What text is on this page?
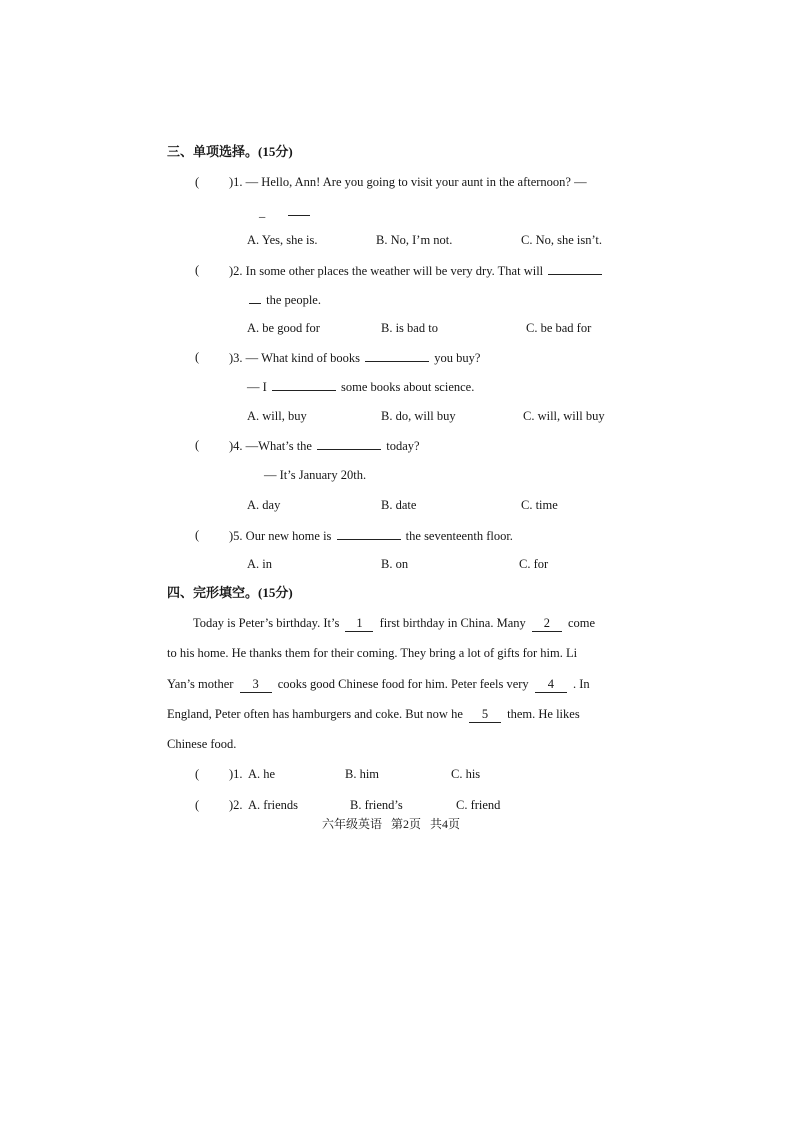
三、单项选择。(15分)
( )1. — Hello, Ann! Are you going to visit your aunt in the afternoon? —
_
A. Yes, she is.	B. No, I’m not.	C. No, she isn’t.
( )2. In some other places the weather will be very dry. That will
the people.
A. be good for	B. is bad to	C. be bad for
( )3. — What kind of books	you buy?
— I	some books about science.
A. will, buy	B. do, will buy	C. will, will buy
( )4. —What’s the	today?
— It’s January 20th.
A. day	B. date	C. time
( )5. Our new home is	the seventeenth floor.
A. in	B. on	C. for
四、完形填空。(15分)
Today is Peter’s birthday. It’s 1 first birthday in China. Many 2 come
to his home. He thanks them for their coming. They bring a lot of gifts for him. Li
Yan’s mother 3 cooks good Chinese food for him. Peter feels very 4 . In
England, Peter often has hamburgers and coke. But now he 5 them. He likes
Chinese food.
( )1. A. he	B. him	C. his
( )2. A. friends	B. friend’s	C. friend
六年级英语   第2页   共4页
